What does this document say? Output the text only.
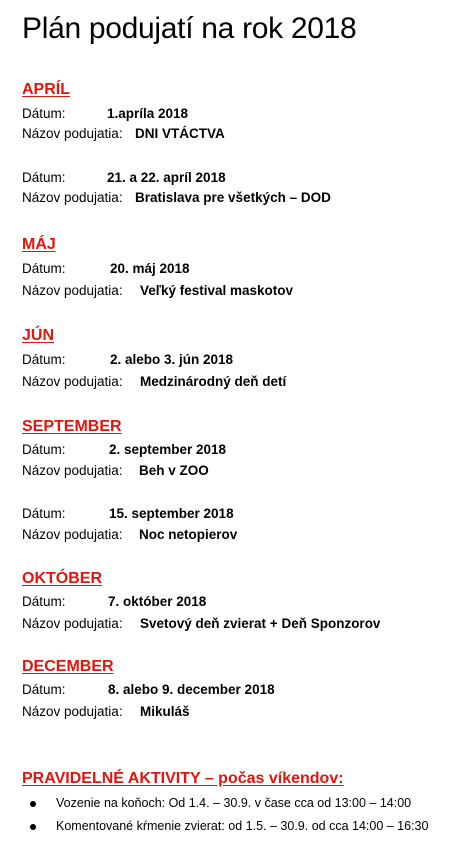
Plán podujatí na rok 2018
APRÍL
Dátum:	1.apríla 2018
Názov podujatia: DNI VTÁCTVA
Dátum:	21. a 22. apríl 2018
Názov podujatia: Bratislava pre všetkých – DOD
MÁJ
Dátum:	20. máj 2018
Názov podujatia: Veľký festival maskotov
JÚN
Dátum:	2. alebo 3. jún 2018
Názov podujatia: Medzinárodný deň detí
SEPTEMBER
Dátum:	2. september 2018
Názov podujatia: Beh v ZOO
Dátum:	15. september 2018
Názov podujatia: Noc netopierov
OKTÓBER
Dátum:	7. október 2018
Názov podujatia: Svetový deň zvierat + Deň Sponzorov
DECEMBER
Dátum:	8. alebo 9. december 2018
Názov podujatia: Mikuláš
PRAVIDELNÉ AKTIVITY – počas víkendov:
Vozenie na koňoch: Od 1.4. – 30.9. v čase cca od 13:00 – 14:00
Komentované kŕmenie zvierat: od 1.5. – 30.9. od cca 14:00 – 16:30
